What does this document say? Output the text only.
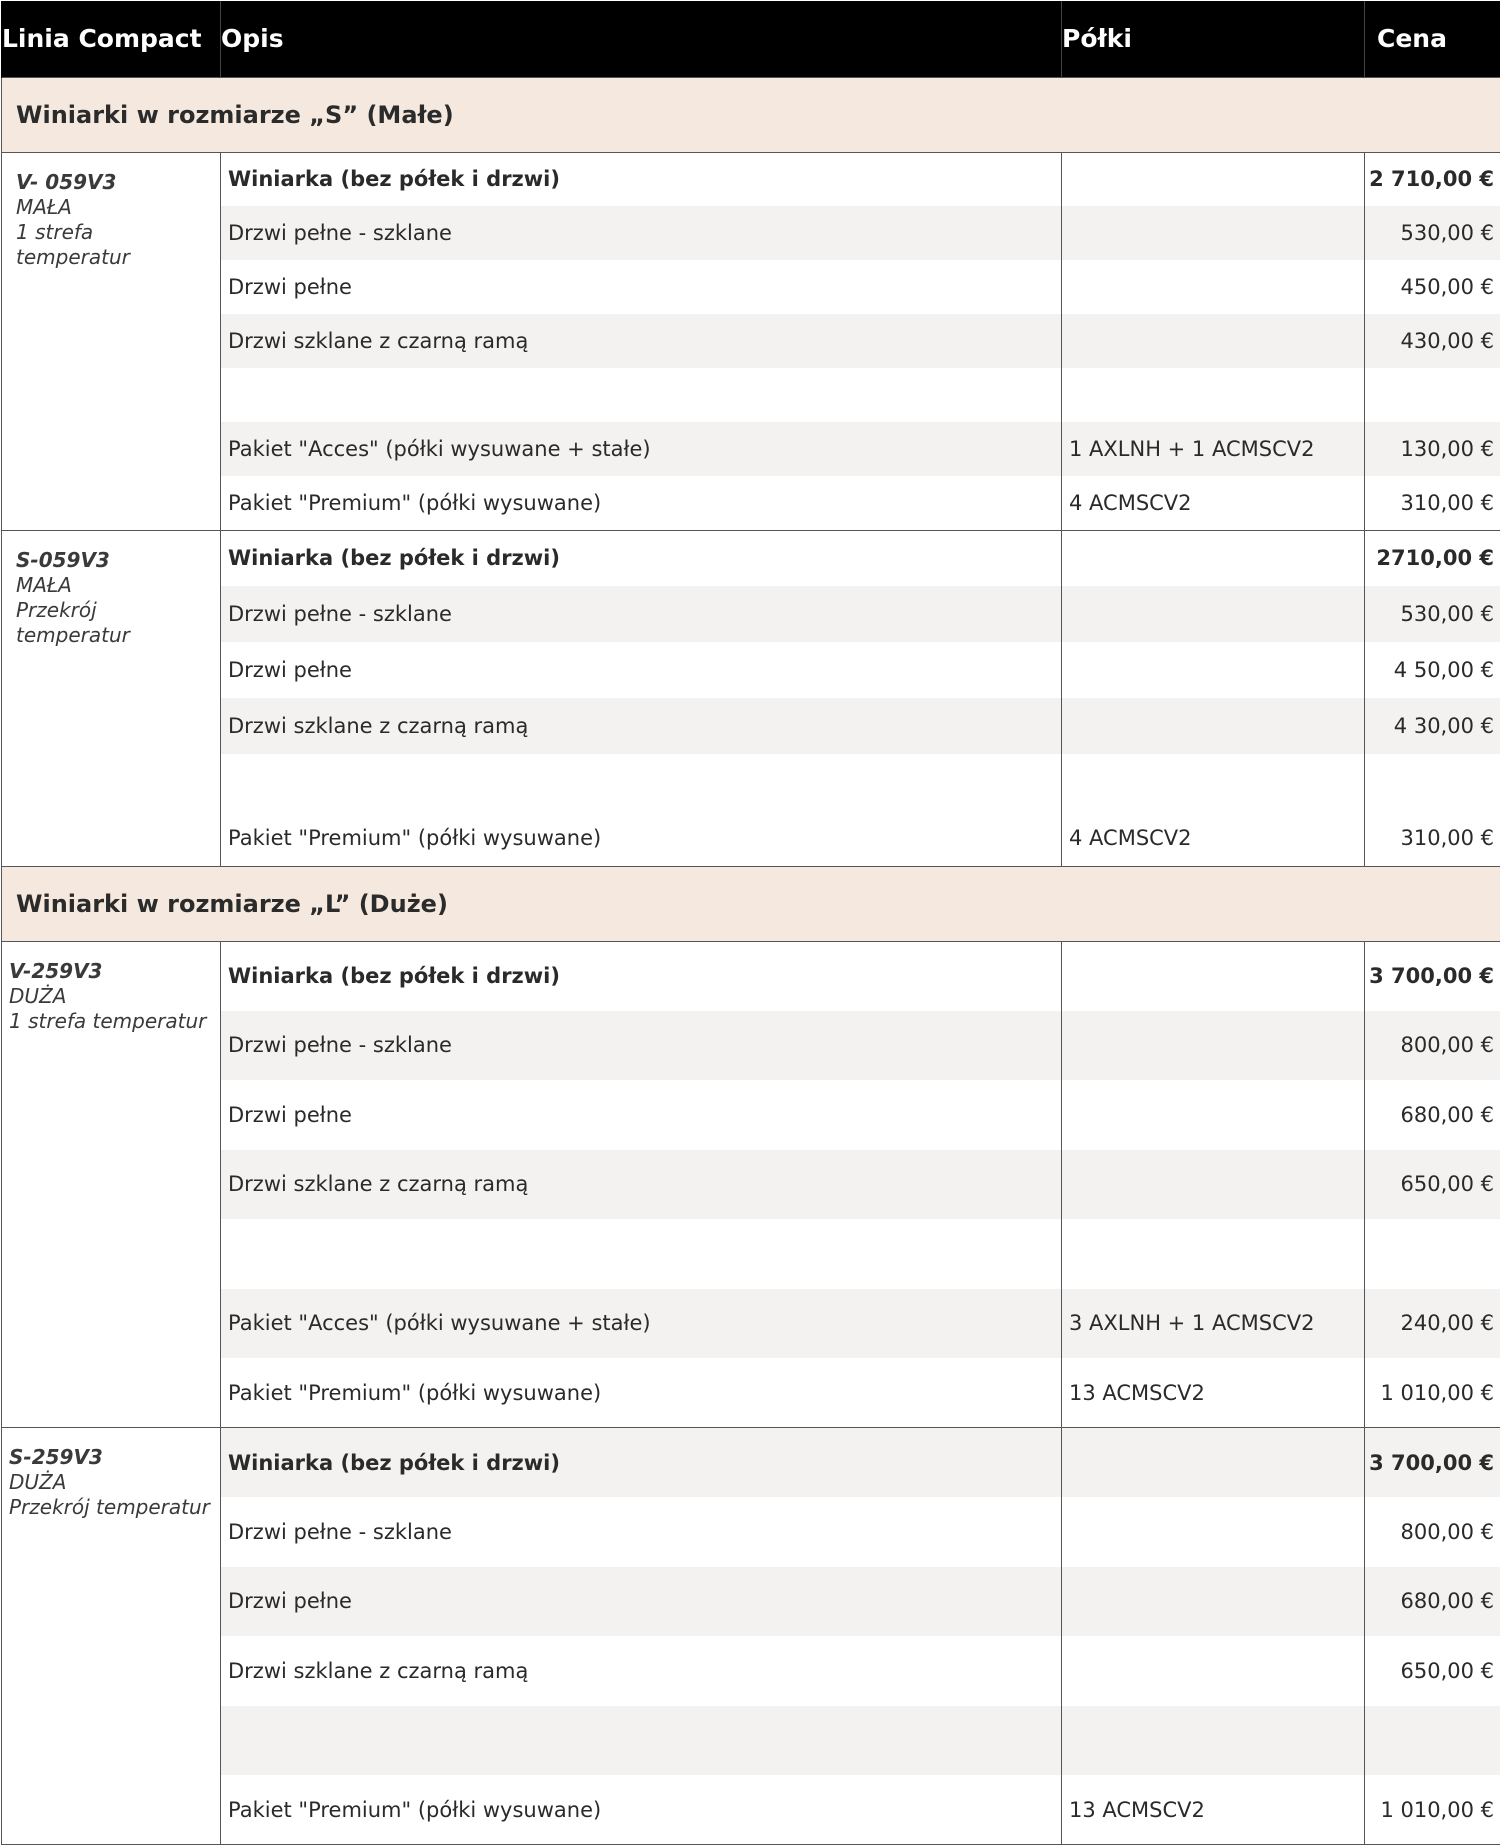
Linia Compact	Opis	Półki	Cena
Winiarki w rozmiarze „S” (Małe)			

V- 059V3
MAŁA
1 strefa
temperatur	Winiarka (bez półek i drzwi)		2 710,00 €
	Drzwi pełne - szklane		530,00 €
	Drzwi pełne		450,00 €
	Drzwi szklane z czarną ramą		430,00 €

	Pakiet "Acces" (półki wysuwane + stałe)	1 AXLNH + 1 ACMSCV2	130,00 €
	Pakiet "Premium" (półki wysuwane)	4 ACMSCV2	310,00 €

S-059V3
MAŁA
Przekrój
temperatur	Winiarka (bez półek i drzwi)		2710,00 €
	Drzwi pełne - szklane		530,00 €
	Drzwi pełne		4 50,00 €
	Drzwi szklane z czarną ramą		4 30,00 €

	Pakiet "Premium" (półki wysuwane)	4 ACMSCV2	310,00 €
Winiarki w rozmiarze „L” (Duże)			

V-259V3
DUŻA
1 strefa temperatur	Winiarka (bez półek i drzwi)		3 700,00 €
	Drzwi pełne - szklane		800,00 €
	Drzwi pełne		680,00 €
	Drzwi szklane z czarną ramą		650,00 €

	Pakiet "Acces" (półki wysuwane + stałe)	3 AXLNH + 1 ACMSCV2	240,00 €
	Pakiet "Premium" (półki wysuwane)	13 ACMSCV2	1 010,00 €

S-259V3
DUŻA
Przekrój temperatur	Winiarka (bez półek i drzwi)		3 700,00 €
	Drzwi pełne - szklane		800,00 €
	Drzwi pełne		680,00 €
	Drzwi szklane z czarną ramą		650,00 €

	Pakiet "Premium" (półki wysuwane)	13 ACMSCV2	1 010,00 €
